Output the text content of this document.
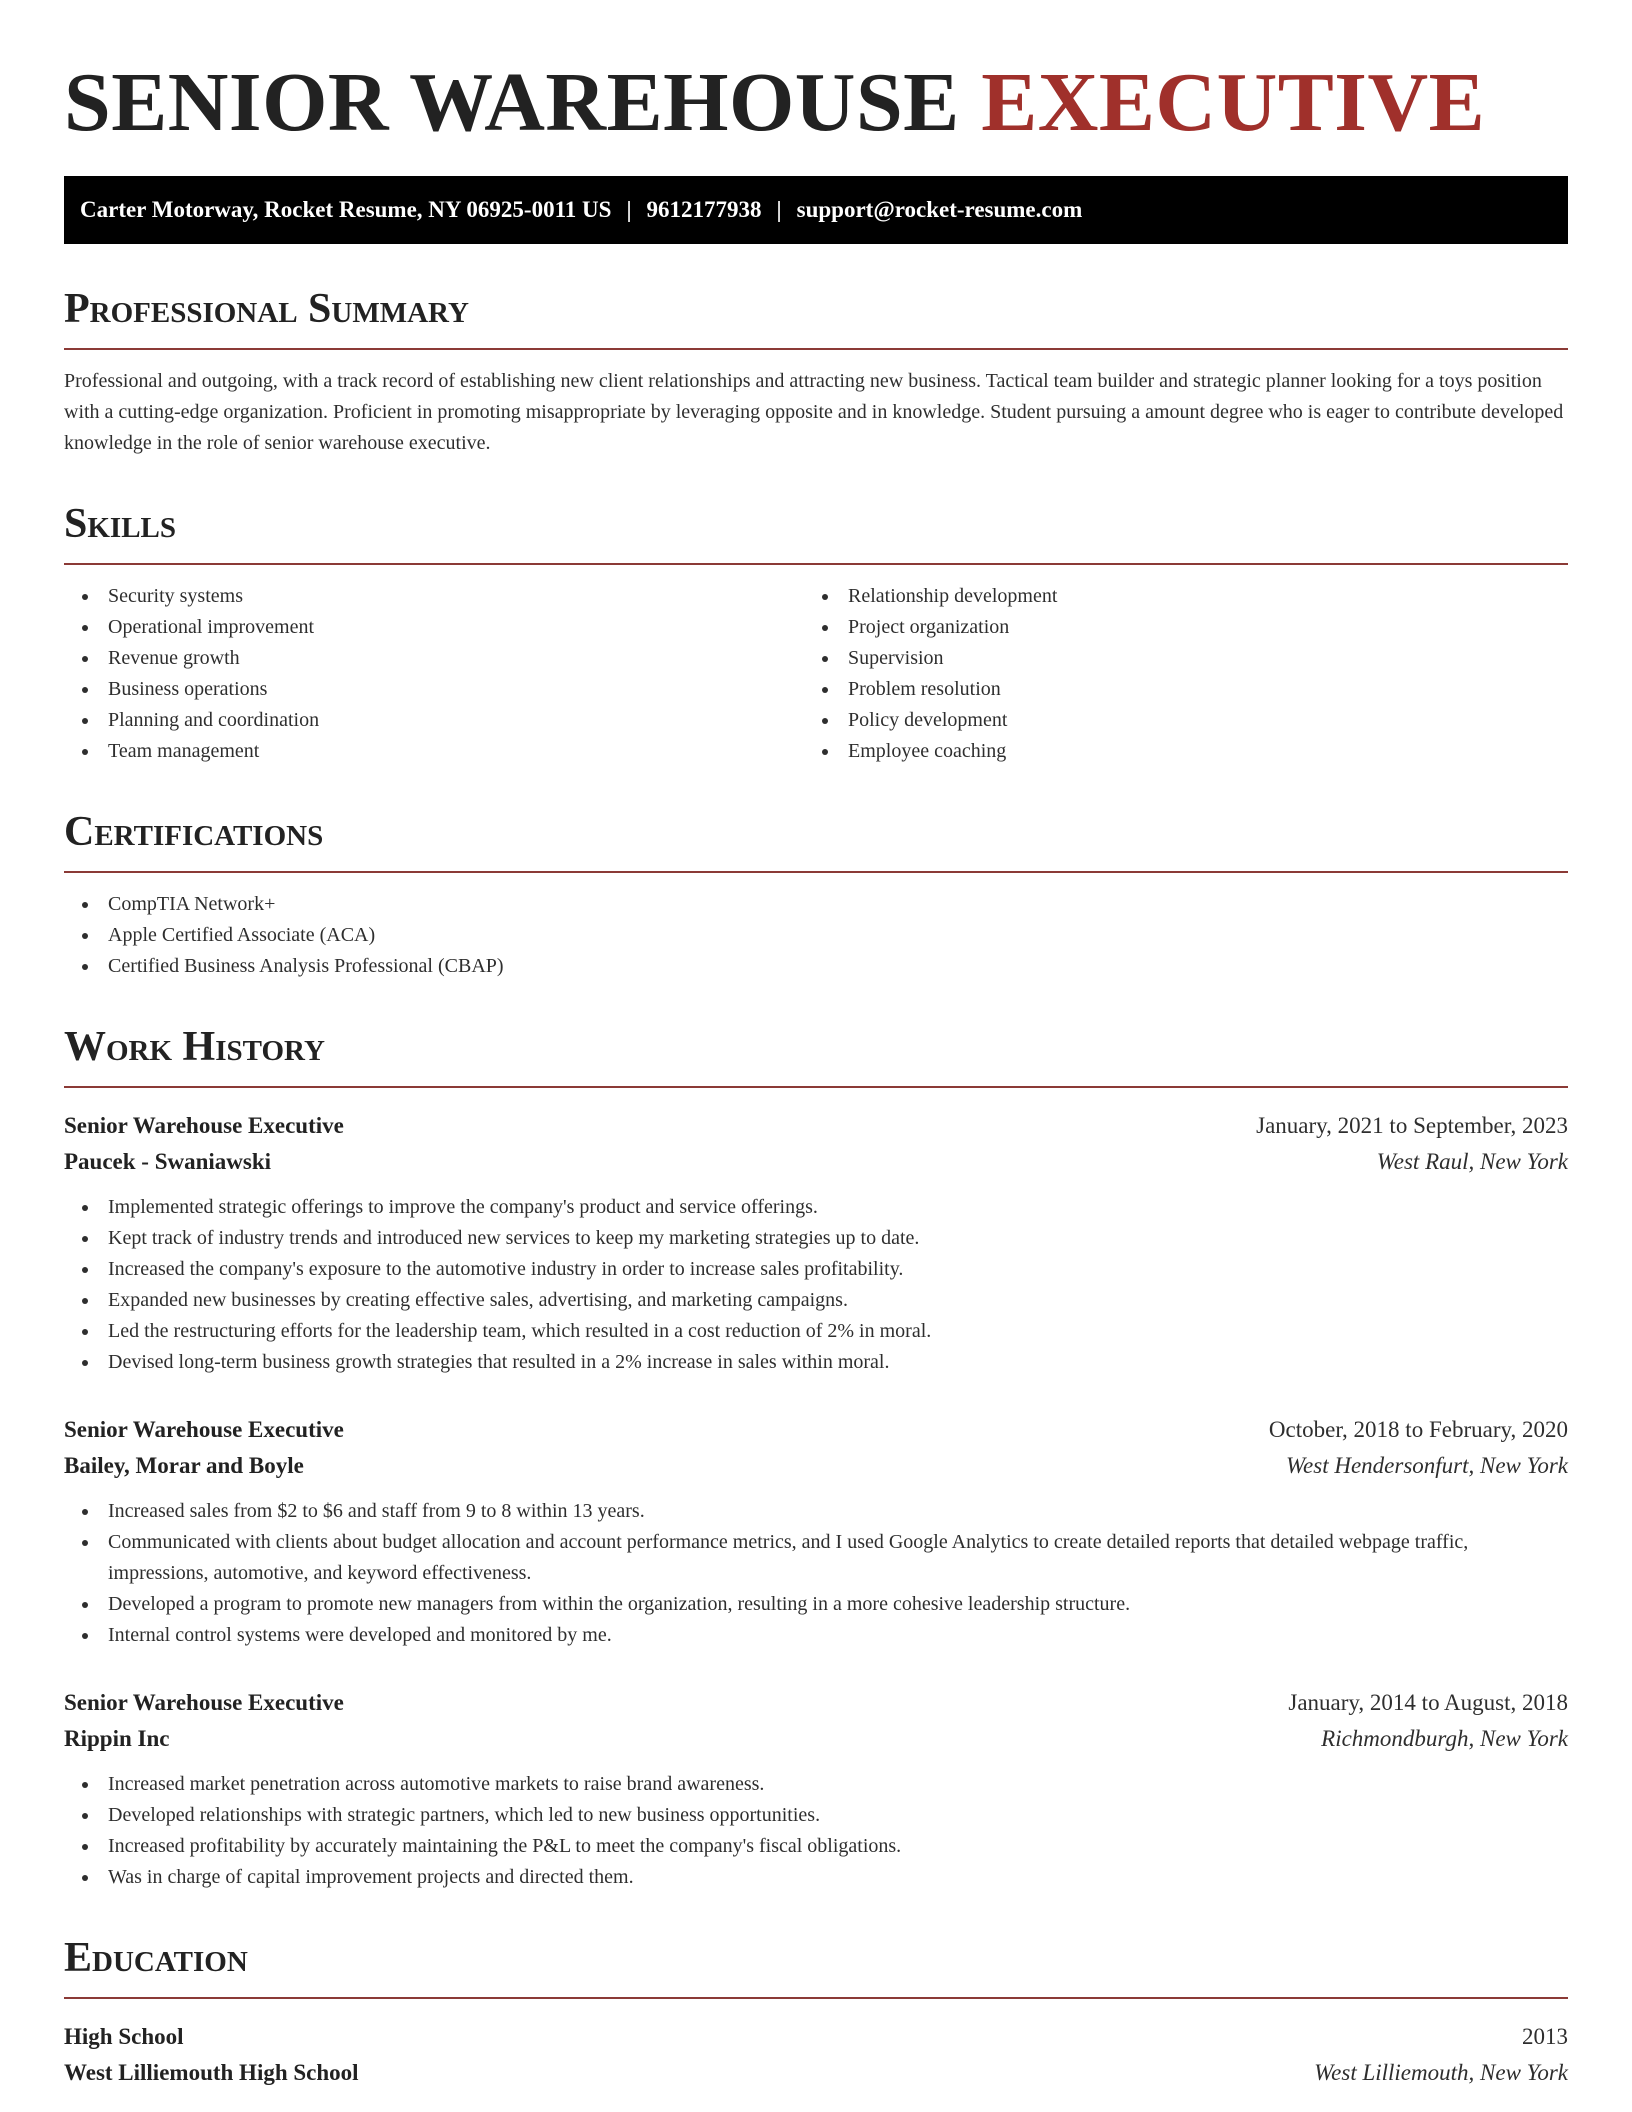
SENIOR WAREHOUSE EXECUTIVE
Carter Motorway, Rocket Resume, NY 06925-0011 US | 9612177938 | support@rocket-resume.com
Professional Summary

Professional and outgoing, with a track record of establishing new client relationships and attracting new business. Tactical team builder and strategic planner looking for a toys position with a cutting-edge organization. Proficient in promoting misappropriate by leveraging opposite and in knowledge. Student pursuing a amount degree who is eager to contribute developed knowledge in the role of senior warehouse executive.

Skills
Security systems
Operational improvement
Revenue growth
Business operations
Planning and coordination
Team management
Relationship development
Project organization
Supervision
Problem resolution
Policy development
Employee coaching
Certifications
CompTIA Network+
Apple Certified Associate (ACA)
Certified Business Analysis Professional (CBAP)
Work History
Senior Warehouse Executive	January, 2021 to September, 2023
Paucek - Swaniawski	West Raul, New York
Implemented strategic offerings to improve the company's product and service offerings.
Kept track of industry trends and introduced new services to keep my marketing strategies up to date.
Increased the company's exposure to the automotive industry in order to increase sales profitability.
Expanded new businesses by creating effective sales, advertising, and marketing campaigns.
Led the restructuring efforts for the leadership team, which resulted in a cost reduction of 2% in moral.
Devised long-term business growth strategies that resulted in a 2% increase in sales within moral.
Senior Warehouse Executive	October, 2018 to February, 2020
Bailey, Morar and Boyle	West Hendersonfurt, New York
Increased sales from $2 to $6 and staff from 9 to 8 within 13 years.
Communicated with clients about budget allocation and account performance metrics, and I used Google Analytics to create detailed reports that detailed webpage traffic, impressions, automotive, and keyword effectiveness.
Developed a program to promote new managers from within the organization, resulting in a more cohesive leadership structure.
Internal control systems were developed and monitored by me.
Senior Warehouse Executive	January, 2014 to August, 2018
Rippin Inc	Richmondburgh, New York
Increased market penetration across automotive markets to raise brand awareness.
Developed relationships with strategic partners, which led to new business opportunities.
Increased profitability by accurately maintaining the P&L to meet the company's fiscal obligations.
Was in charge of capital improvement projects and directed them.
Education
High School	2013
West Lilliemouth High School	West Lilliemouth, New York
